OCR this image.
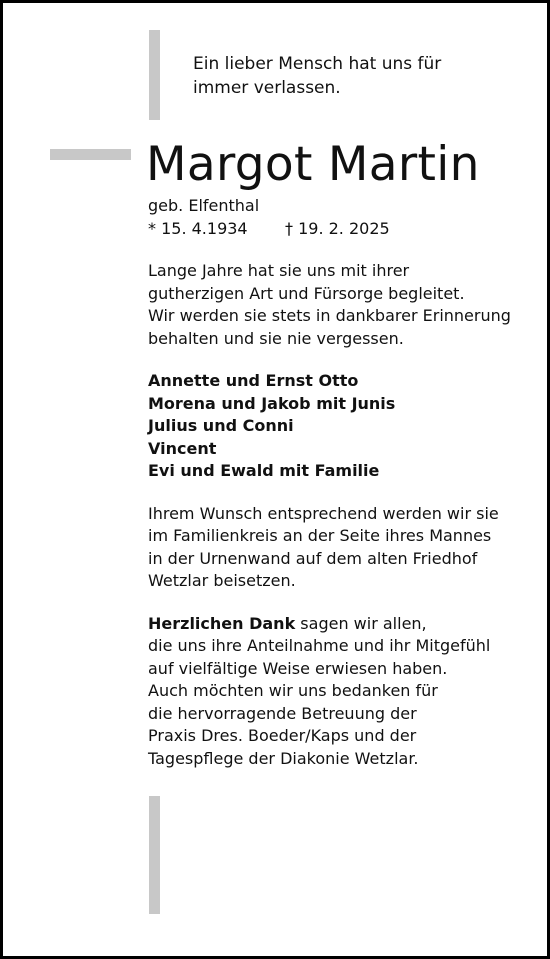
Ein lieber Mensch hat uns für
immer verlassen.
Margot Martin
geb. Elfenthal
* 15. 4.1934	† 19. 2. 2025
Lange Jahre hat sie uns mit ihrer
gutherzigen Art und Fürsorge begleitet.
Wir werden sie stets in dankbarer Erinnerung
behalten und sie nie vergessen.
Annette und Ernst Otto
Morena und Jakob mit Junis
Julius und Conni
Vincent
Evi und Ewald mit Familie
Ihrem Wunsch entsprechend werden wir sie
im Familienkreis an der Seite ihres Mannes
in der Urnenwand auf dem alten Friedhof
Wetzlar beisetzen.
Herzlichen Dank sagen wir allen,
die uns ihre Anteilnahme und ihr Mitgefühl
auf vielfältige Weise erwiesen haben.
Auch möchten wir uns bedanken für
die hervorragende Betreuung der
Praxis Dres. Boeder/Kaps und der
Tagespflege der Diakonie Wetzlar.
